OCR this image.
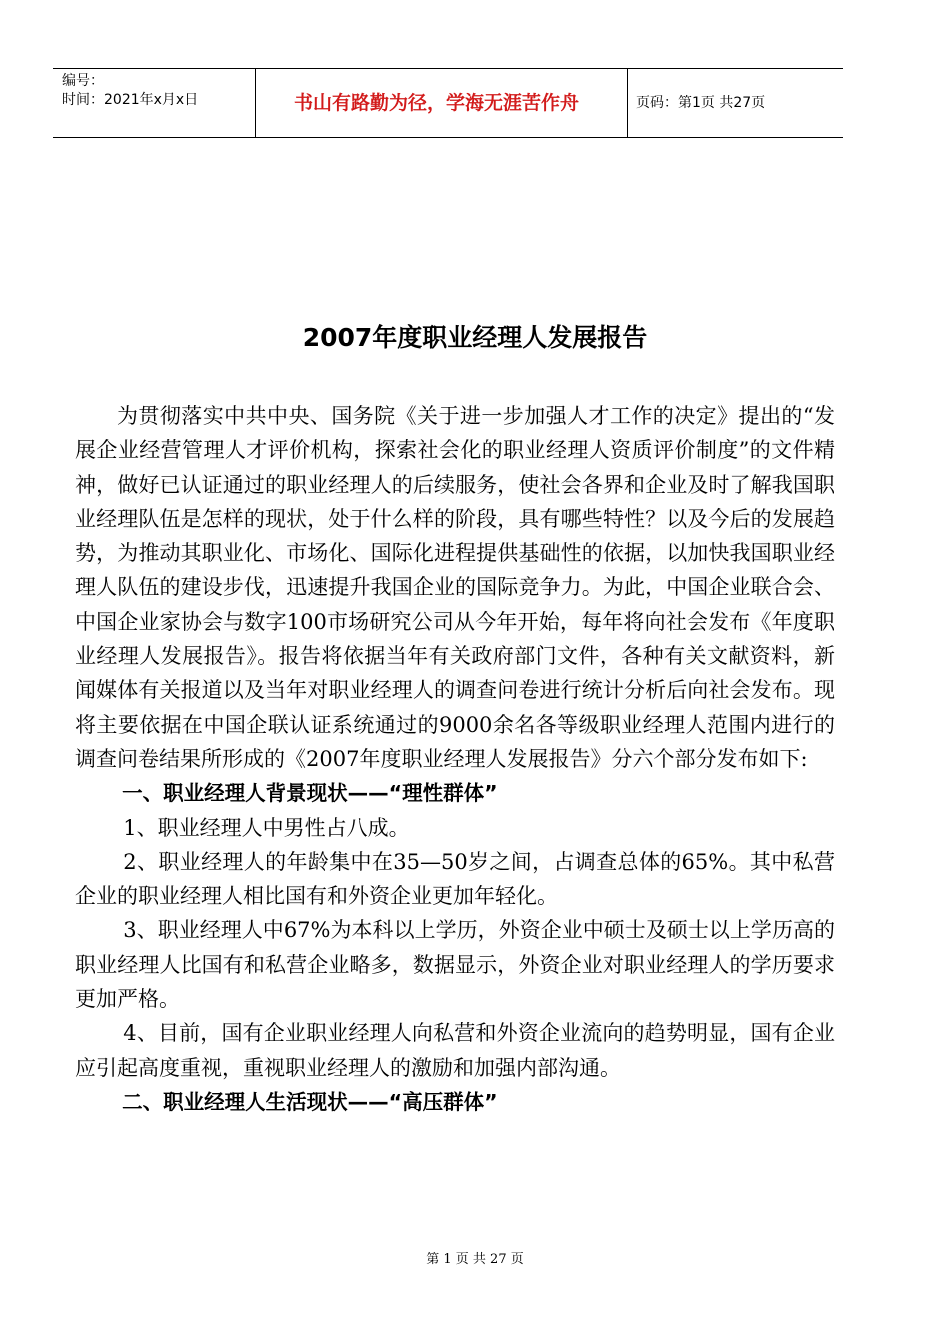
编号：
时间：2021年x月x日	书山有路勤为径，学海无涯苦作舟	页码：第1页 共27页
2007年度职业经理人发展报告

为贯彻落实中共中央、国务院《关于进一步加强人才工作的决定》提出的“发展企业经营管理人才评价机构，探索社会化的职业经理人资质评价制度”的文件精神，做好已认证通过的职业经理人的后续服务，使社会各界和企业及时了解我国职业经理队伍是怎样的现状，处于什么样的阶段，具有哪些特性？以及今后的发展趋势，为推动其职业化、市场化、国际化进程提供基础性的依据，以加快我国职业经理人队伍的建设步伐，迅速提升我国企业的国际竞争力。为此，中国企业联合会、中国企业家协会与数字100市场研究公司从今年开始，每年将向社会发布《年度职业经理人发展报告》。报告将依据当年有关政府部门文件，各种有关文献资料，新闻媒体有关报道以及当年对职业经理人的调查问卷进行统计分析后向社会发布。现将主要依据在中国企联认证系统通过的9000余名各等级职业经理人范围内进行的调查问卷结果所形成的《2007年度职业经理人发展报告》分六个部分发布如下:

一、职业经理人背景现状——“理性群体”

1、职业经理人中男性占八成。

2、职业经理人的年龄集中在35—50岁之间，占调查总体的65%。其中私营企业的职业经理人相比国有和外资企业更加年轻化。

3、职业经理人中67%为本科以上学历，外资企业中硕士及硕士以上学历高的职业经理人比国有和私营企业略多，数据显示，外资企业对职业经理人的学历要求更加严格。

4、目前，国有企业职业经理人向私营和外资企业流向的趋势明显，国有企业应引起高度重视，重视职业经理人的激励和加强内部沟通。

二、职业经理人生活现状——“高压群体”

第 1 页 共 27 页
